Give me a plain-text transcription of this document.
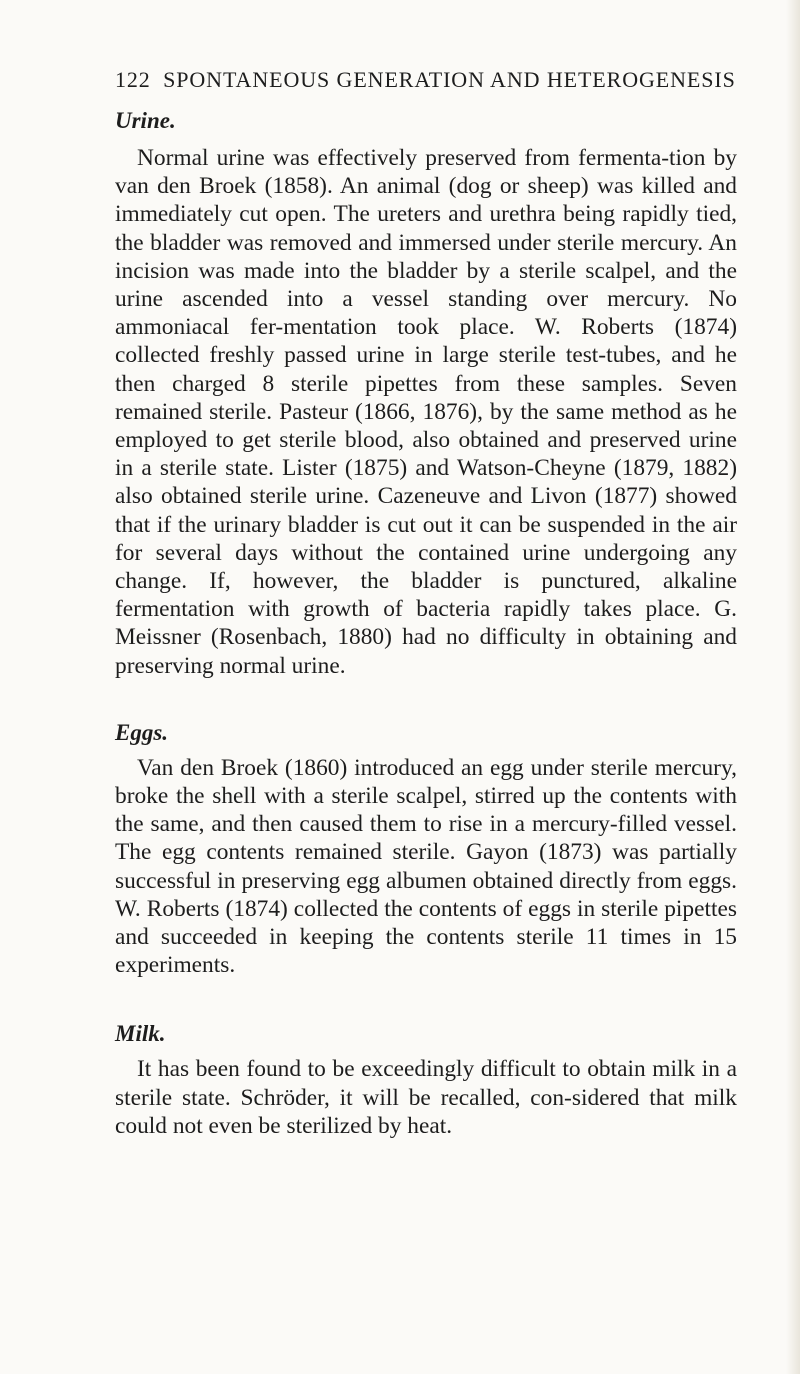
122 SPONTANEOUS GENERATION AND HETEROGENESIS
Urine.

Normal urine was effectively preserved from fermenta-tion by van den Broek (1858). An animal (dog or sheep) was killed and immediately cut open. The ureters and urethra being rapidly tied, the bladder was removed and immersed under sterile mercury. An incision was made into the bladder by a sterile scalpel, and the urine ascended into a vessel standing over mercury. No ammoniacal fer-mentation took place. W. Roberts (1874) collected freshly passed urine in large sterile test-tubes, and he then charged 8 sterile pipettes from these samples. Seven remained sterile. Pasteur (1866, 1876), by the same method as he employed to get sterile blood, also obtained and preserved urine in a sterile state. Lister (1875) and Watson-Cheyne (1879, 1882) also obtained sterile urine. Cazeneuve and Livon (1877) showed that if the urinary bladder is cut out it can be suspended in the air for several days without the contained urine undergoing any change. If, however, the bladder is punctured, alkaline fermentation with growth of bacteria rapidly takes place. G. Meissner (Rosenbach, 1880) had no difficulty in obtaining and preserving normal urine.

Eggs.

Van den Broek (1860) introduced an egg under sterile mercury, broke the shell with a sterile scalpel, stirred up the contents with the same, and then caused them to rise in a mercury-filled vessel. The egg contents remained sterile. Gayon (1873) was partially successful in preserving egg albumen obtained directly from eggs. W. Roberts (1874) collected the contents of eggs in sterile pipettes and succeeded in keeping the contents sterile 11 times in 15 experiments.

Milk.

It has been found to be exceedingly difficult to obtain milk in a sterile state. Schröder, it will be recalled, con-sidered that milk could not even be sterilized by heat.
